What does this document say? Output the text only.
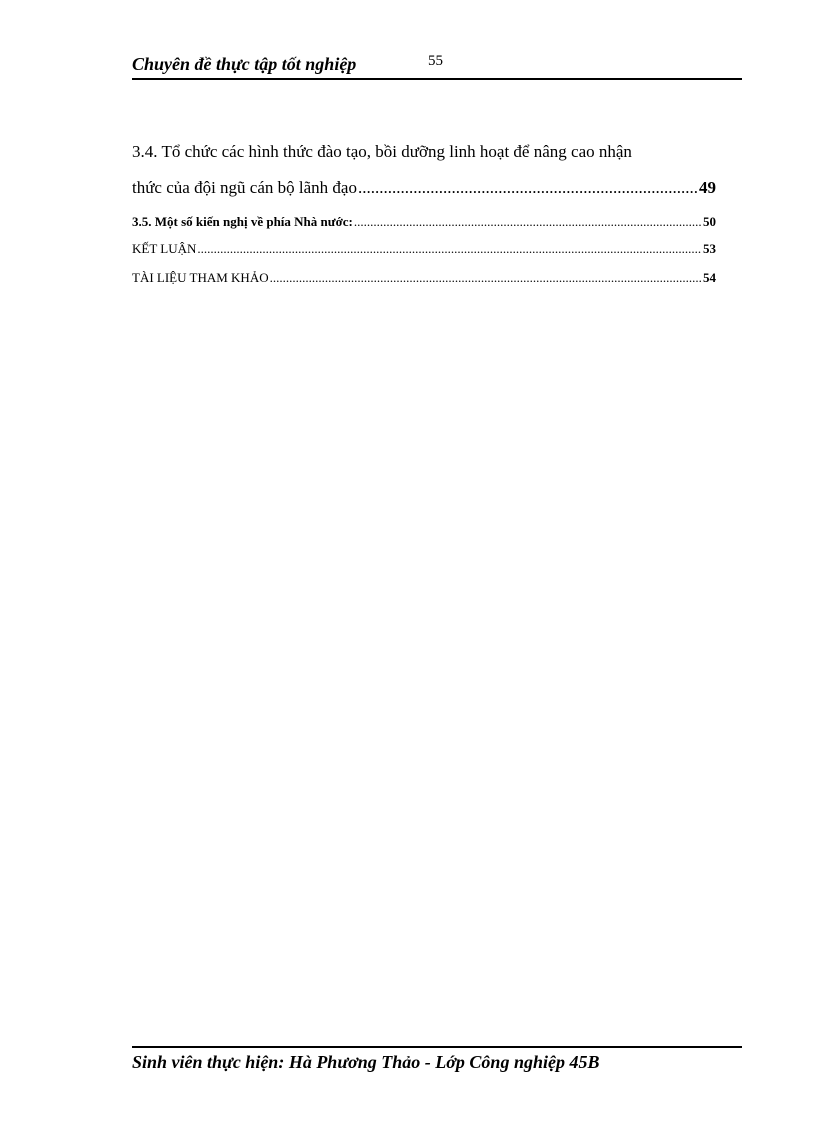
Chuyên đề thực tập tốt nghiệp	55
3.4. Tổ chức các hình thức đào tạo, bồi dưỡng linh hoạt để nâng cao nhận
thức của đội ngũ cán bộ lãnh đạo .....	49
3.5. Một số kiến nghị về phía Nhà nước: .....	50
KẾT LUẬN .....	53
TÀI LIỆU THAM KHẢO .....	54
Sinh viên thực hiện: Hà Phương Thảo - Lớp Công nghiệp 45B
